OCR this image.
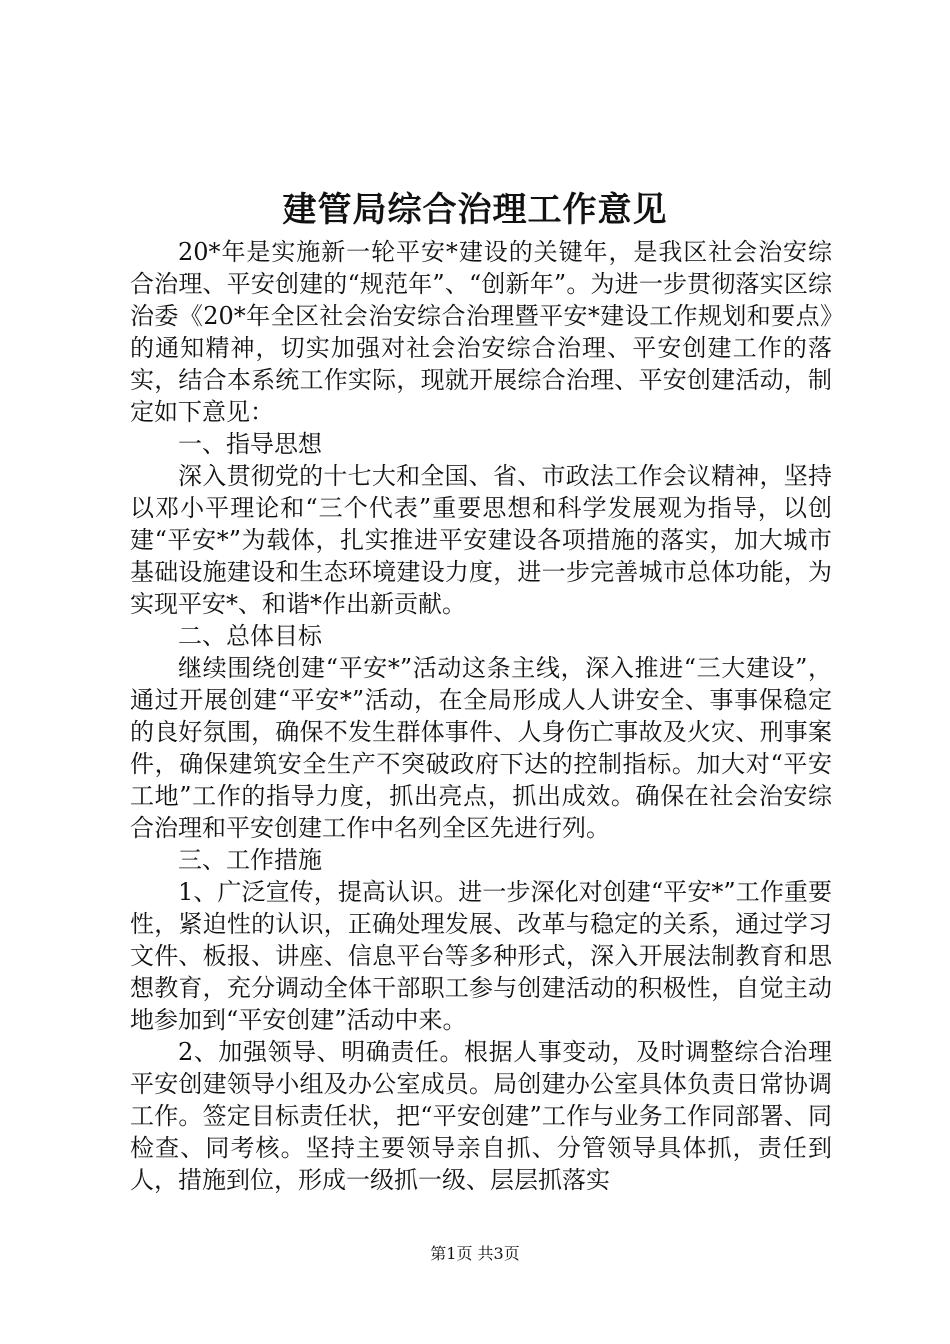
建管局综合治理工作意见

20*年是实施新一轮平安*建设的关键年，是我区社会治安综合治理、平安创建的“规范年”、“创新年”。为进一步贯彻落实区综治委《20*年全区社会治安综合治理暨平安*建设工作规划和要点》的通知精神，切实加强对社会治安综合治理、平安创建工作的落实，结合本系统工作实际，现就开展综合治理、平安创建活动，制定如下意见：

一、指导思想

深入贯彻党的十七大和全国、省、市政法工作会议精神，坚持以邓小平理论和“三个代表”重要思想和科学发展观为指导，以创建“平安*”为载体，扎实推进平安建设各项措施的落实，加大城市基础设施建设和生态环境建设力度，进一步完善城市总体功能，为实现平安*、和谐*作出新贡献。

二、总体目标

继续围绕创建“平安*”活动这条主线，深入推进“三大建设”，通过开展创建“平安*”活动，在全局形成人人讲安全、事事保稳定的良好氛围，确保不发生群体事件、人身伤亡事故及火灾、刑事案件，确保建筑安全生产不突破政府下达的控制指标。加大对“平安工地”工作的指导力度，抓出亮点，抓出成效。确保在社会治安综合治理和平安创建工作中名列全区先进行列。

三、工作措施

1、广泛宣传，提高认识。进一步深化对创建“平安*”工作重要性，紧迫性的认识，正确处理发展、改革与稳定的关系，通过学习文件、板报、讲座、信息平台等多种形式，深入开展法制教育和思想教育，充分调动全体干部职工参与创建活动的积极性，自觉主动地参加到“平安创建”活动中来。

2、加强领导、明确责任。根据人事变动，及时调整综合治理平安创建领导小组及办公室成员。局创建办公室具体负责日常协调工作。签定目标责任状，把“平安创建”工作与业务工作同部署、同检查、同考核。坚持主要领导亲自抓、分管领导具体抓，责任到人，措施到位，形成一级抓一级、层层抓落实

第1页 共3页
